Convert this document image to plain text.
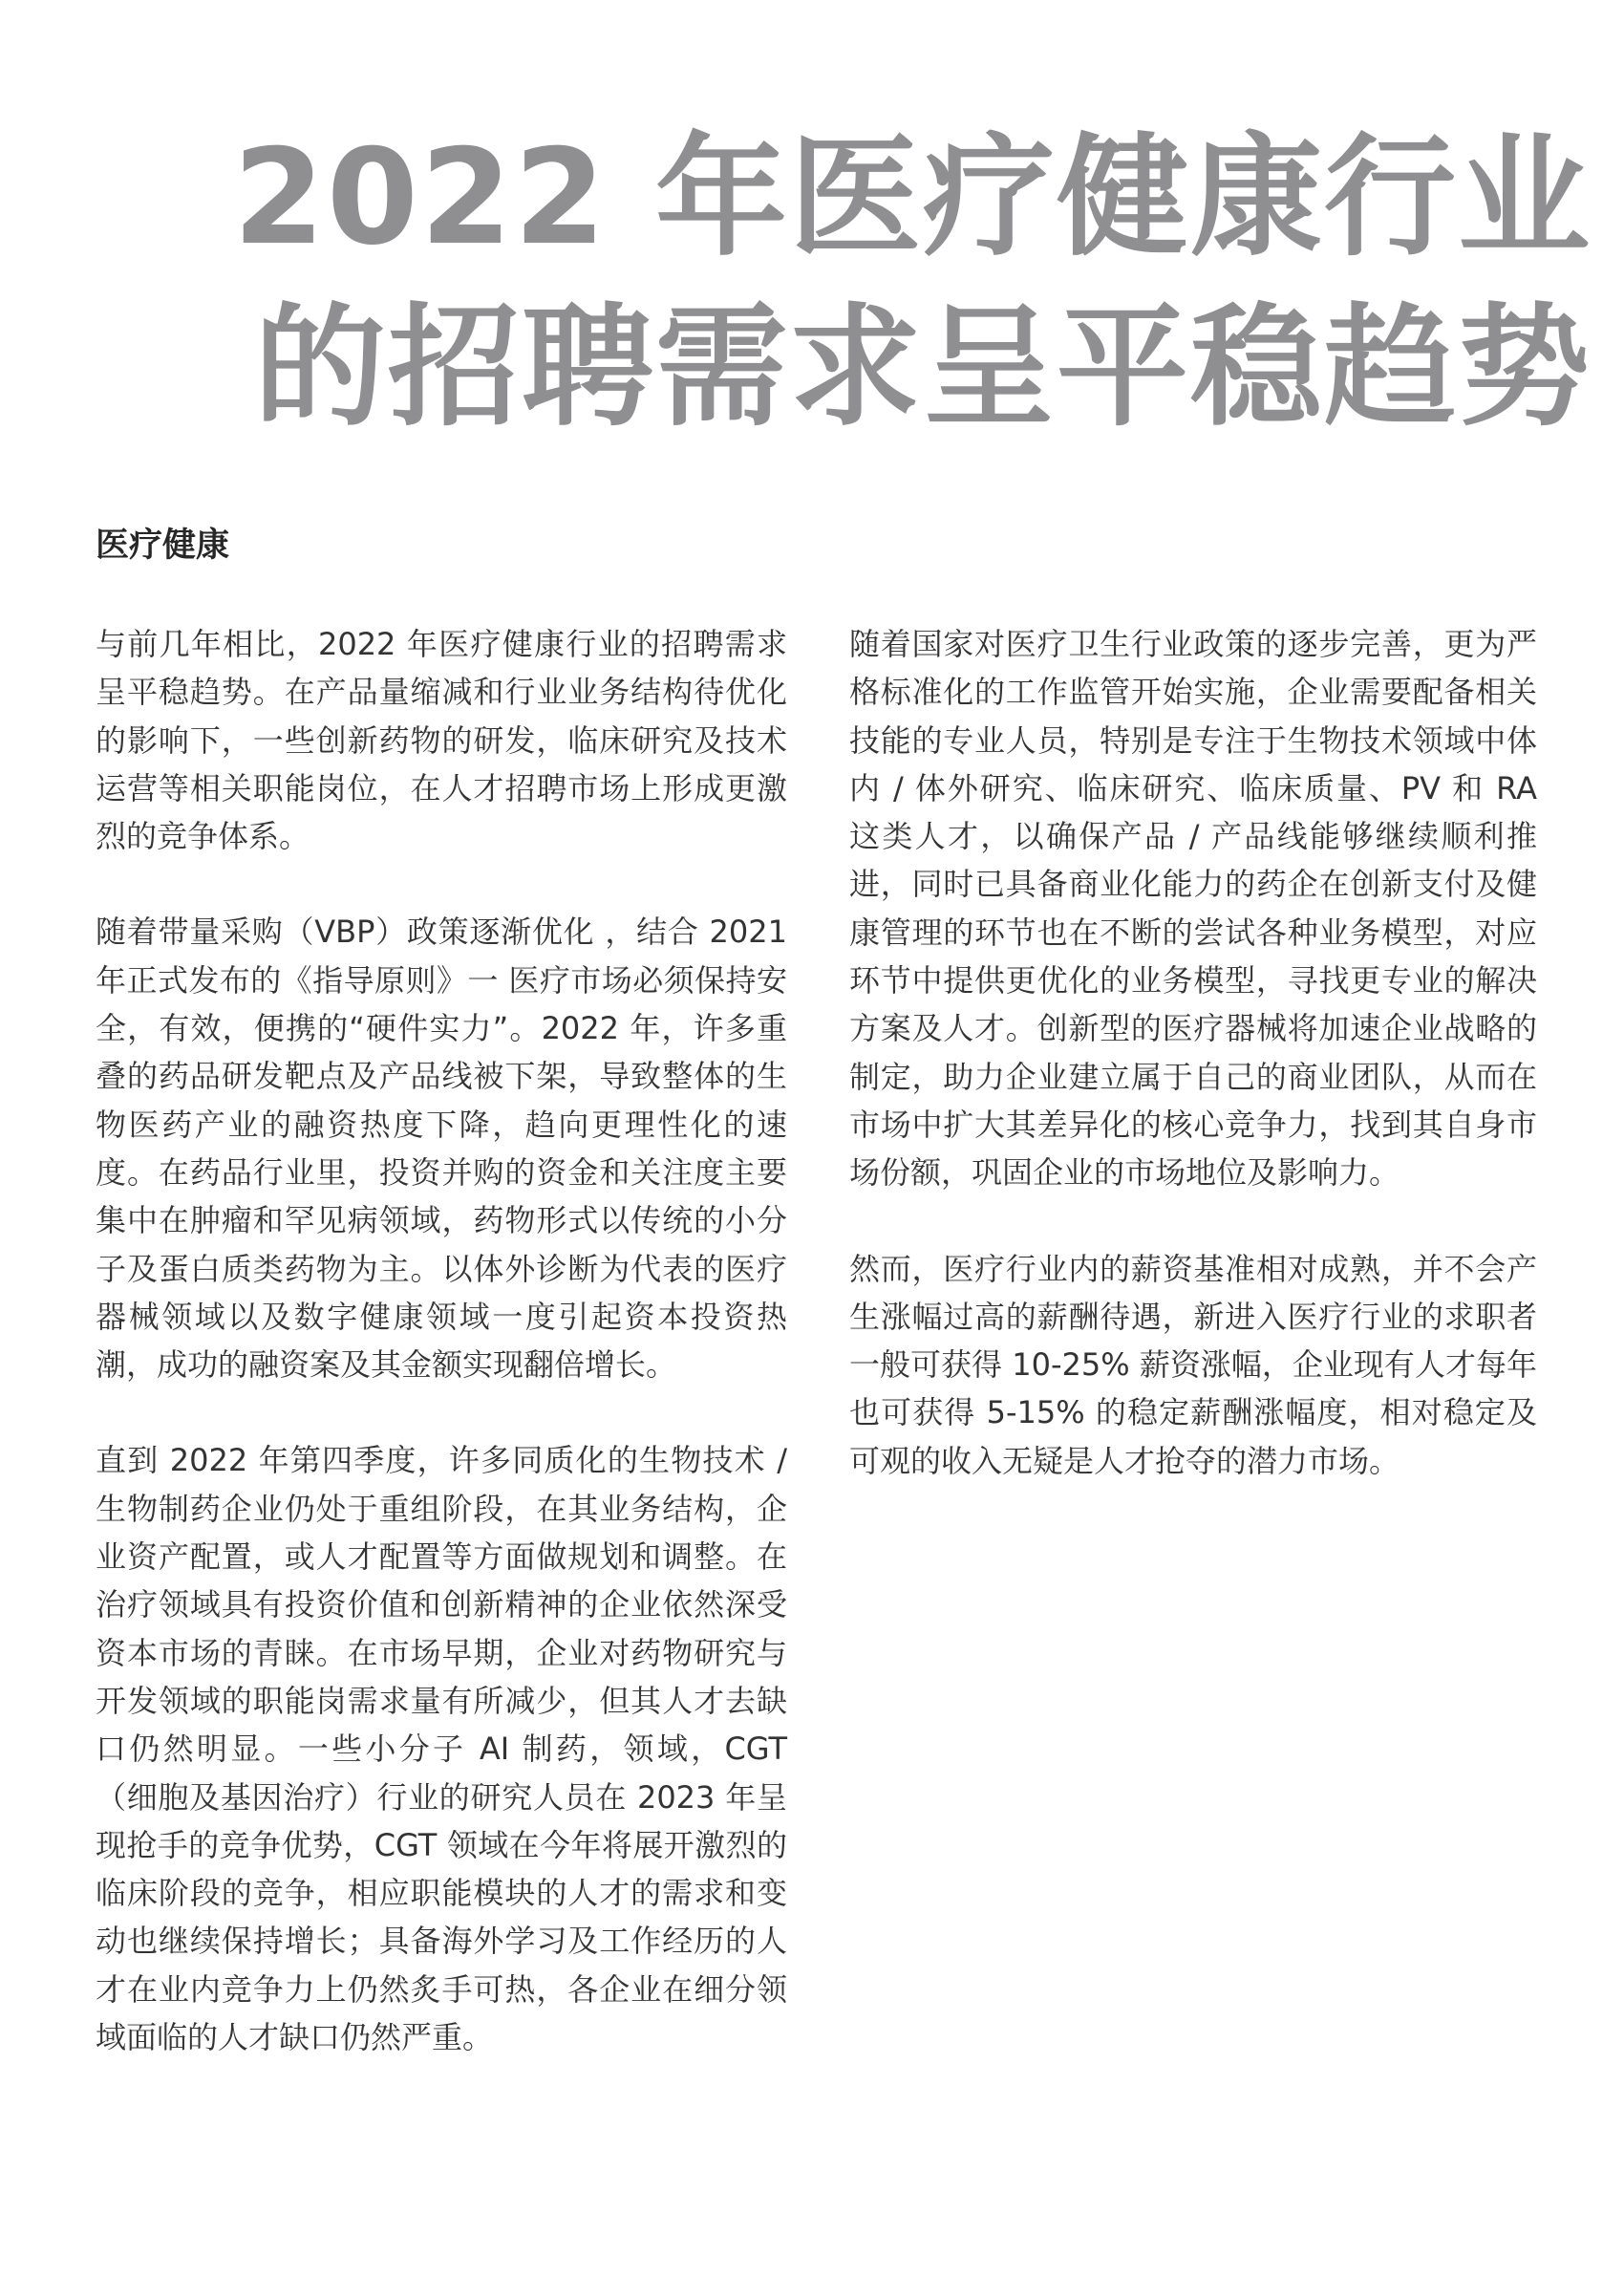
2022 年医疗健康行业
的招聘需求呈平稳趋势
医疗健康

与前几年相比，2022 年医疗健康行业的招聘需求呈平稳趋势。在产品量缩减和行业业务结构待优化的影响下，一些创新药物的研发，临床研究及技术运营等相关职能岗位，在人才招聘市场上形成更激烈的竞争体系。

随着带量采购（VBP）政策逐渐优化 ，结合 2021 年正式发布的《指导原则》一 医疗市场必须保持安全，有效，便携的“硬件实力”。2022 年，许多重叠的药品研发靶点及产品线被下架，导致整体的生物医药产业的融资热度下降，趋向更理性化的速度。在药品行业里，投资并购的资金和关注度主要集中在肿瘤和罕见病领域，药物形式以传统的小分子及蛋白质类药物为主。以体外诊断为代表的医疗器械领域以及数字健康领域一度引起资本投资热潮，成功的融资案及其金额实现翻倍增长。

直到 2022 年第四季度，许多同质化的生物技术 / 生物制药企业仍处于重组阶段，在其业务结构，企业资产配置，或人才配置等方面做规划和调整。在治疗领域具有投资价值和创新精神的企业依然深受资本市场的青睐。在市场早期，企业对药物研究与开发领域的职能岗需求量有所减少，但其人才去缺口仍然明显。一些小分子 AI 制药，领域，CGT（细胞及基因治疗）行业的研究人员在 2023 年呈现抢手的竞争优势，CGT 领域在今年将展开激烈的临床阶段的竞争，相应职能模块的人才的需求和变动也继续保持增长；具备海外学习及工作经历的人才在业内竞争力上仍然炙手可热，各企业在细分领域面临的人才缺口仍然严重。

随着国家对医疗卫生行业政策的逐步完善，更为严格标准化的工作监管开始实施，企业需要配备相关技能的专业人员，特别是专注于生物技术领域中体内 / 体外研究、临床研究、临床质量、PV 和 RA 这类人才，以确保产品 / 产品线能够继续顺利推进，同时已具备商业化能力的药企在创新支付及健康管理的环节也在不断的尝试各种业务模型，对应环节中提供更优化的业务模型，寻找更专业的解决方案及人才。创新型的医疗器械将加速企业战略的制定，助力企业建立属于自己的商业团队，从而在市场中扩大其差异化的核心竞争力，找到其自身市场份额，巩固企业的市场地位及影响力。

然而，医疗行业内的薪资基准相对成熟，并不会产生涨幅过高的薪酬待遇，新进入医疗行业的求职者一般可获得 10-25% 薪资涨幅，企业现有人才每年也可获得 5-15% 的稳定薪酬涨幅度，相对稳定及可观的收入无疑是人才抢夺的潜力市场。
